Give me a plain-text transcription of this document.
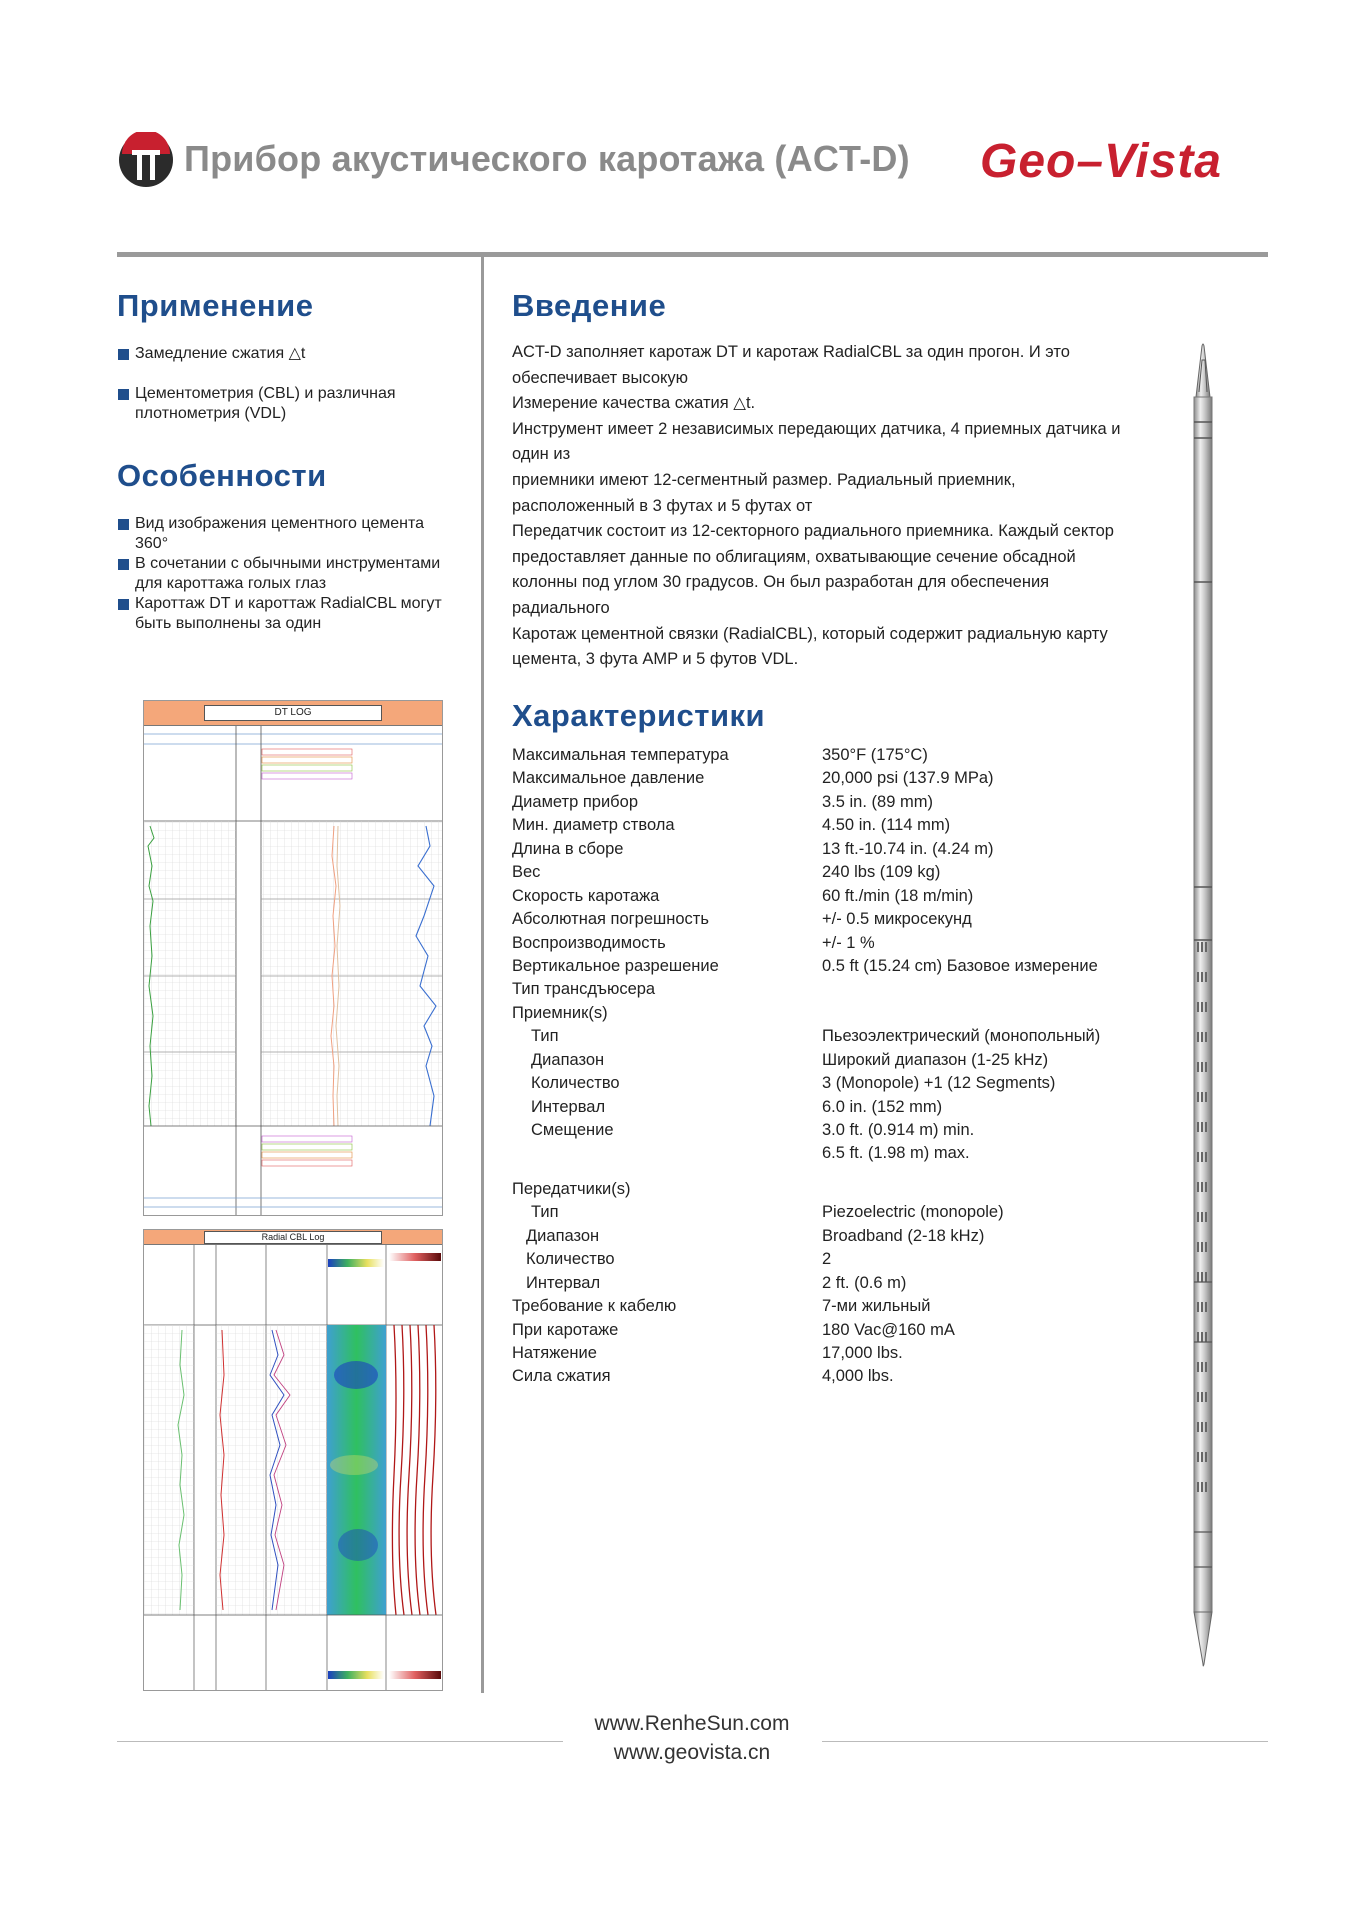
Прибор акустического каротажа (ACT-D) Geo–Vista
Применение
Замедление сжатия △t
Цементометрия (CBL) и различная плотнометрия (VDL)
Особенности
Вид изображения цементного цемента 360°
В сочетании с обычными инструментами для кароттажа голых глаз
Кароттаж DT и кароттаж RadialCBL могут быть выполнены за один
DT LOG
Radial CBL Log
Введение
ACT-D заполняет каротаж DT и каротаж RadialCBL за один прогон. И это
обеспечивает высокую
Измерение качества сжатия △t.
Инструмент имеет 2 независимых передающих датчика, 4 приемных датчика и
один из
приемники имеют 12-сегментный размер. Радиальный приемник,
расположенный в 3 футах и 5 футах от
Передатчик состоит из 12-секторного радиального приемника. Каждый сектор
предоставляет данные по облигациям, охватывающие сечение обсадной
колонны под углом 30 градусов. Он был разработан для обеспечения
радиального
Каротаж цементной связки (RadialCBL), который содержит радиальную карту
цемента, 3 фута AMP и 5 футов VDL.
Характеристики
Максимальная температура	350°F (175°C)
Максимальное давление	20,000 psi (137.9 MPa)
Диаметр прибор	3.5 in. (89 mm)
Мин. диаметр ствола	4.50 in. (114 mm)
Длина в сборе	13 ft.-10.74 in. (4.24 m)
Вес	240 lbs (109 kg)
Скорость каротажа	60 ft./min (18 m/min)
Абсолютная погрешность	+/- 0.5 микросекунд
Воспроизводимость	+/- 1 %
Вертикальное разрешение	0.5 ft (15.24 cm) Базовое измерение
Тип трансдъюсера
Приемник(s)
Тип	Пьезоэлектрический (монопольный)
Диапазон	Широкий диапазон (1-25 kHz)
Количество	3 (Monopole) +1 (12 Segments)
Интервал	6.0 in. (152 mm)
Смещение	3.0 ft. (0.914 m) min.
6.5 ft. (1.98 m) max.
Передатчики(s)
Тип	Piezoelectric (monopole)
Диапазон	Broadband (2-18 kHz)
Количество	2
Интервал	2 ft. (0.6 m)
Требование к кабелю	7-ми жильный
При каротаже	180 Vac@160 mA
Натяжение	17,000 lbs.
Сила сжатия	4,000 lbs.
www.RenheSun.com
www.geovista.cn
